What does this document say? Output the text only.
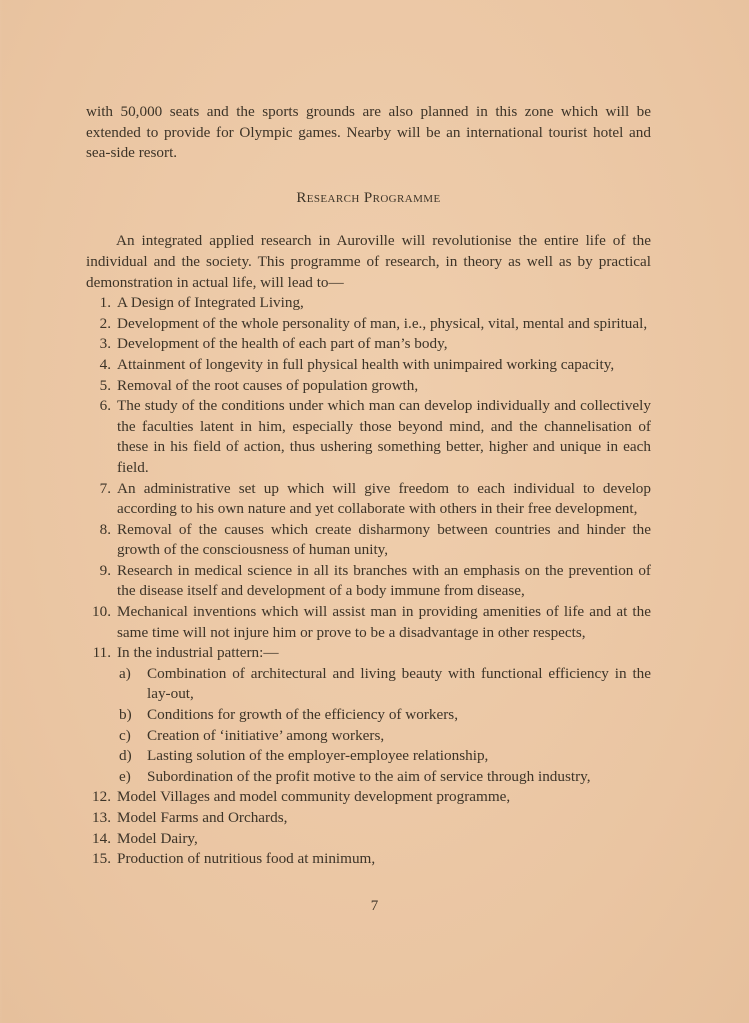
with 50,000 seats and the sports grounds are also planned in this zone which will be extended to provide for Olympic games. Nearby will be an international tourist hotel and sea-side resort.

Research Programme

An integrated applied research in Auroville will revolutionise the entire life of the individual and the society. This programme of research, in theory as well as by practical demonstration in actual life, will lead to—

1. A Design of Integrated Living,
2. Development of the whole personality of man, i.e., physical, vital, mental and spiritual,
3. Development of the health of each part of man’s body,
4. Attainment of longevity in full physical health with unimpaired working capacity,
5. Removal of the root causes of population growth,
6. The study of the conditions under which man can develop individually and collectively the faculties latent in him, especially those beyond mind, and the channelisation of these in his field of action, thus ushering something better, higher and unique in each field.
7. An administrative set up which will give freedom to each individual to develop according to his own nature and yet collaborate with others in their free development,
8. Removal of the causes which create disharmony between countries and hinder the growth of the consciousness of human unity,
9. Research in medical science in all its branches with an emphasis on the prevention of the disease itself and development of a body immune from disease,
10. Mechanical inventions which will assist man in providing amenities of life and at the same time will not injure him or prove to be a disadvantage in other respects,
11. In the industrial pattern:—
a) Combination of architectural and living beauty with functional efficiency in the lay-out,
b) Conditions for growth of the efficiency of workers,
c) Creation of ‘initiative’ among workers,
d) Lasting solution of the employer-employee relationship,
e) Subordination of the profit motive to the aim of service through industry,
12. Model Villages and model community development programme,
13. Model Farms and Orchards,
14. Model Dairy,
15. Production of nutritious food at minimum,
7
